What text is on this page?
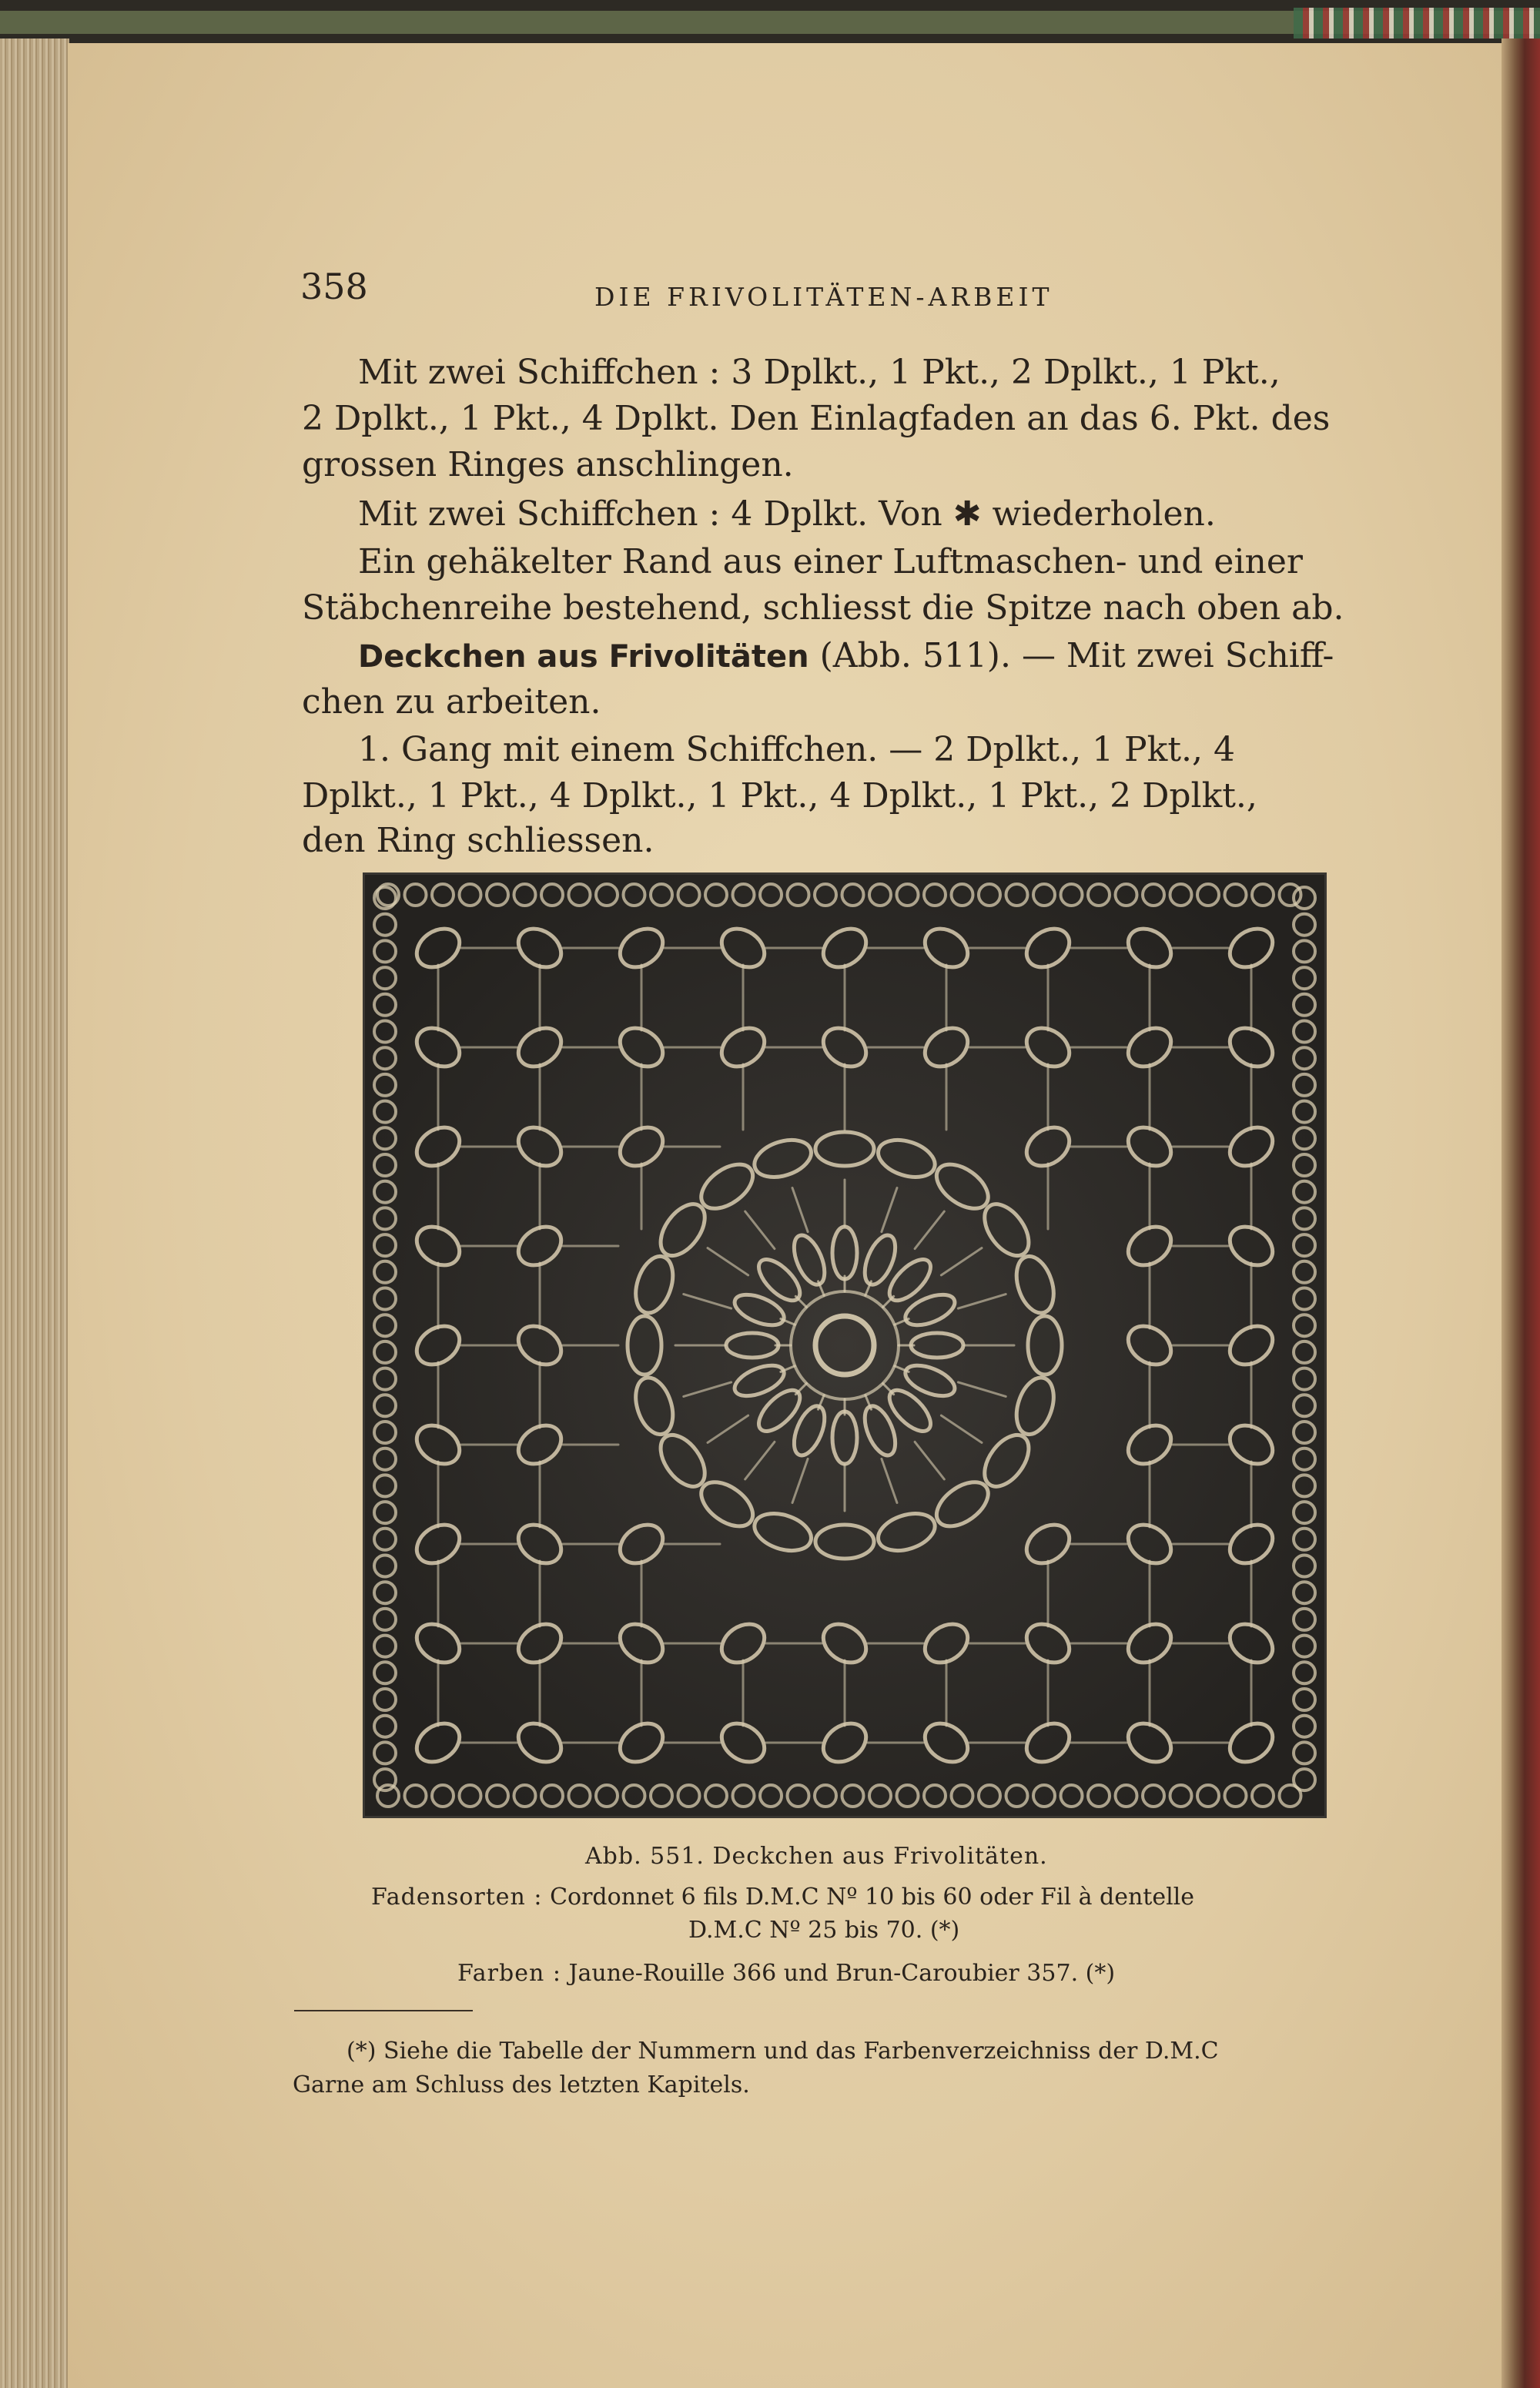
358	DIE FRIVOLITÄTEN-ARBEIT

Mit zwei Schiffchen : 3 Dplkt., 1 Pkt., 2 Dplkt., 1 Pkt.,

2 Dplkt., 1 Pkt., 4 Dplkt. Den Einlagfaden an das 6. Pkt. des

grossen Ringes anschlingen.

Mit zwei Schiffchen : 4 Dplkt. Von ✱ wiederholen.

Ein gehäkelter Rand aus einer Luftmaschen- und einer

Stäbchenreihe bestehend, schliesst die Spitze nach oben ab.

Deckchen aus Frivolitäten (Abb. 511). — Mit zwei Schiff-

chen zu arbeiten.

1. Gang mit einem Schiffchen. — 2 Dplkt., 1 Pkt., 4

Dplkt., 1 Pkt., 4 Dplkt., 1 Pkt., 4 Dplkt., 1 Pkt., 2 Dplkt.,

den Ring schliessen.

Abb. 551. Deckchen aus Frivolitäten.
Fadensorten : Cordonnet 6 fils D.M.C Nº 10 bis 60 oder Fil à dentelle
D.M.C Nº 25 bis 70. (*)
Farben : Jaune-Rouille 366 und Brun-Caroubier 357. (*)
(*) Siehe die Tabelle der Nummern und das Farbenverzeichniss der D.M.C
Garne am Schluss des letzten Kapitels.
